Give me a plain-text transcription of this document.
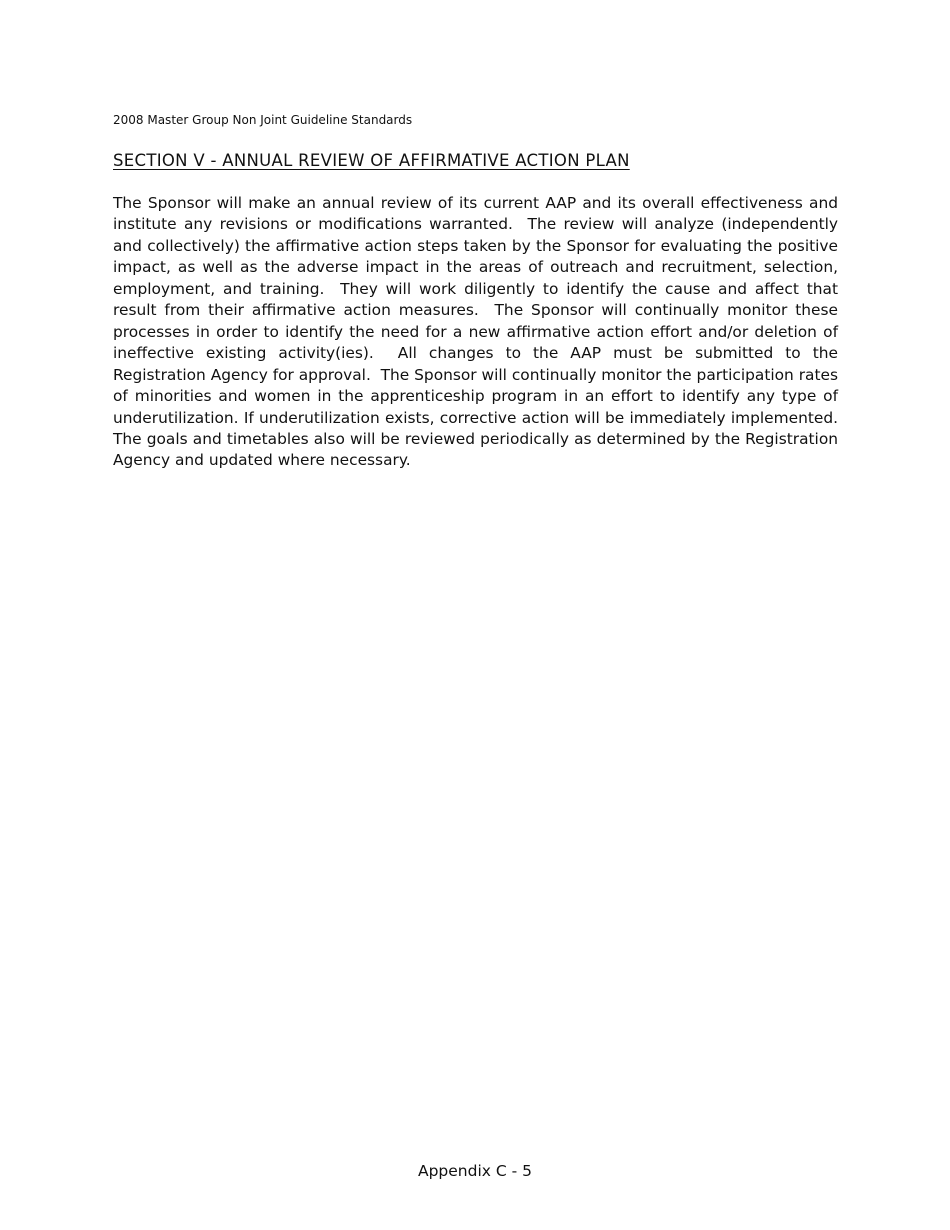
2008 Master Group Non Joint Guideline Standards
SECTION V - ANNUAL REVIEW OF AFFIRMATIVE ACTION PLAN

The Sponsor will make an annual review of its current AAP and its overall effectiveness and institute any revisions or modifications warranted.  The review will analyze (independently and collectively) the affirmative action steps taken by the Sponsor for evaluating the positive impact, as well as the adverse impact in the areas of outreach and recruitment, selection, employment, and training.  They will work diligently to identify the cause and affect that result from their affirmative action measures.  The Sponsor will continually monitor these processes in order to identify the need for a new affirmative action effort and/or deletion of ineffective existing activity(ies).  All changes to the AAP must be submitted to the Registration Agency for approval.  The Sponsor will continually monitor the participation rates of minorities and women in the apprenticeship program in an effort to identify any type of underutilization. If underutilization exists, corrective action will be immediately implemented.  The goals and timetables also will be reviewed periodically as determined by the Registration Agency and updated where necessary.

Appendix C - 5
